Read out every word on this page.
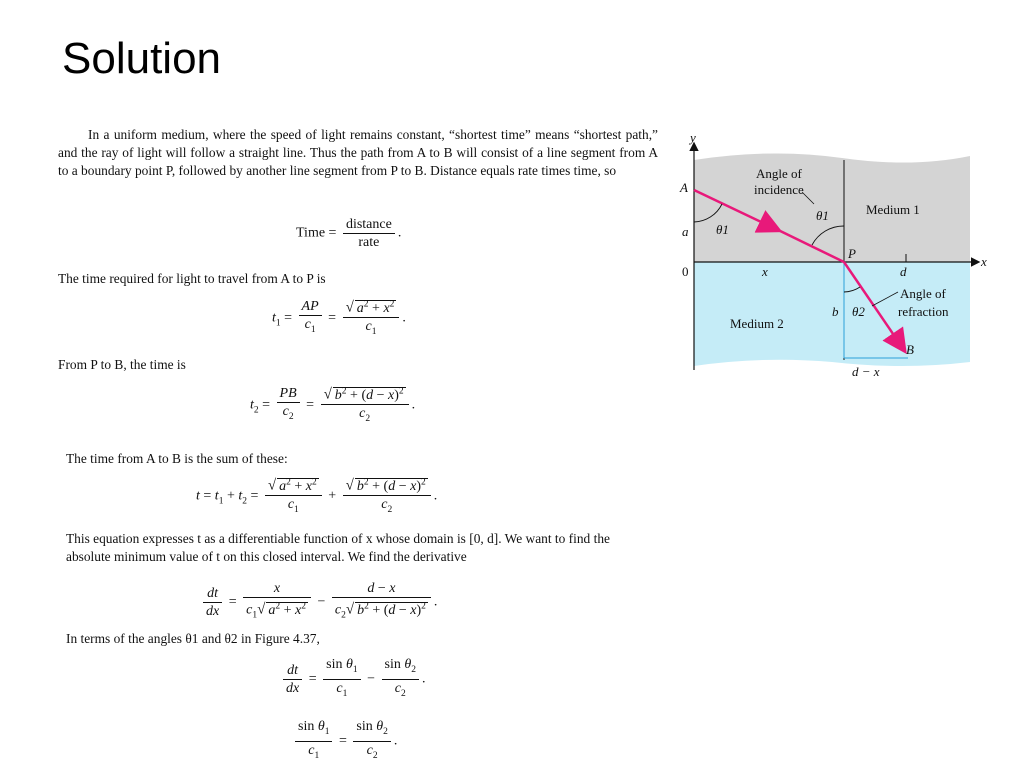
Solution
In a uniform medium, where the speed of light remains constant, “shortest time” means “shortest path,” and the ray of light will follow a straight line. Thus the path from A to B will consist of a line segment from A to a boundary point P, followed by another line segment from P to B. Distance equals rate times time, so
Time = $\frac{\text{distance}}{\text{rate}}$ .
The time required for light to travel from A to P is
$t_1 = \frac{AP}{c_1} = \frac{√ a^2 + x^2}{c_1}$ .
From P to B, the time is
$t_2 = \frac{PB}{c_2} = \frac{√ b^2 + (d - x)^2}{c_2}$ .
The time from A to B is the sum of these:
$t = t_1 + t_2 = \frac{√ a^2 + x^2}{c_1} + \frac{√ b^2 + (d - x)^2}{c_2}$ .
This equation expresses t as a differentiable function of x whose domain is [0, d]. We want to find the absolute minimum value of t on this closed interval. We find the derivative
$\frac{dt}{dx} = \frac{x}{c_1√ a^2 + x^2} - \frac{d - x}{c_2√ b^2 + (d - x)^2}$ .
In terms of the angles θ1 and θ2 in Figure 4.37,
$\frac{dt}{dx} = \frac{\sin \theta_1}{c_1} - \frac{\sin \theta_2}{c_2}$ .
$\frac{\sin \theta_1}{c_1} = \frac{\sin \theta_2}{c_2}$ .
y
x
A
B
P
0
a
b
x	d
d − x
Angle of
incidence
Angle of
refraction
Medium 1
Medium 2
θ1
θ1
θ2
